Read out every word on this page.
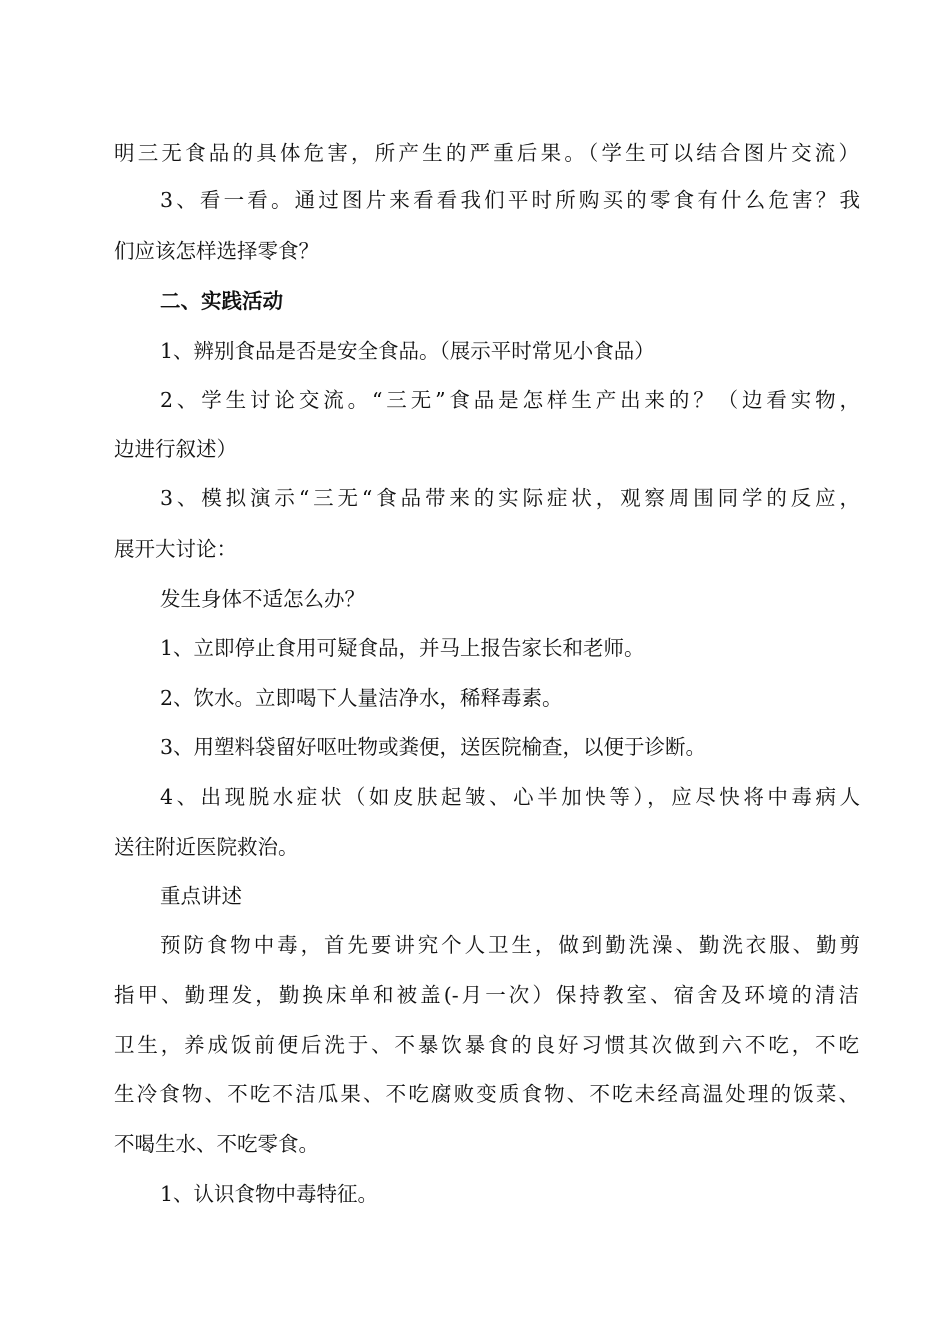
明三无食品的具体危害，所产生的严重后果。（学生可以结合图片交流）
3、看一看。通过图片来看看我们平时所购买的零食有什么危害？我
们应该怎样选择零食？
二、实践活动
1、辨别食品是否是安全食品。（展示平时常见小食品）
2、学生讨论交流。“三无”食品是怎样生产出来的？（边看实物，
边进行叙述）
3、模拟演示“三无“食品带来的实际症状，观察周围同学的反应，
展开大讨论：
发生身体不适怎么办？
1、立即停止食用可疑食品，并马上报告家长和老师。
2、饮水。立即喝下人量洁净水，稀释毒素。
3、用塑料袋留好呕吐物或粪便，送医院榆查，以便于诊断。
4、出现脱水症状（如皮肤起皱、心半加快等），应尽快将中毒病人
送往附近医院救治。
重点讲述
预防食物中毒，首先要讲究个人卫生，做到勤洗澡、勤洗衣服、勤剪
指甲、勤理发，勤换床单和被盖(-月一次）保持教室、宿舍及环境的清洁
卫生，养成饭前便后洗于、不暴饮暴食的良好习惯其次做到六不吃，不吃
生冷食物、不吃不洁瓜果、不吃腐败变质食物、不吃未经高温处理的饭菜、
不喝生水、不吃零食。
1、认识食物中毒特征。
